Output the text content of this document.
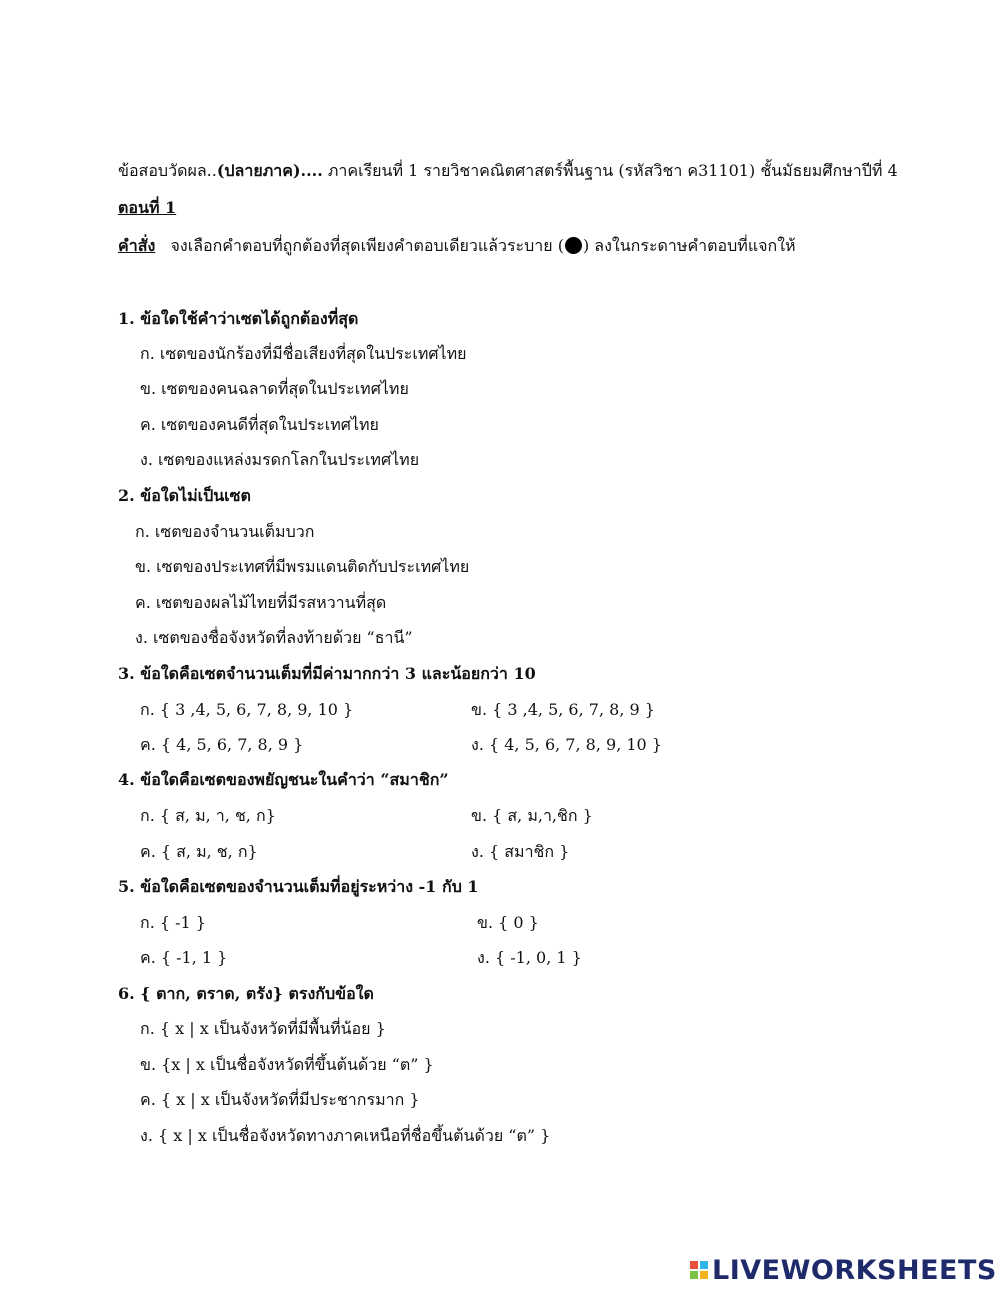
ข้อสอบวัดผล..(ปลายภาค).... ภาคเรียนที่ 1 รายวิชาคณิตศาสตร์พื้นฐาน (รหัสวิชา ค31101) ชั้นมัธยมศึกษาปีที่ 4
ตอนที่ 1
คำสั่ง จงเลือกคำตอบที่ถูกต้องที่สุดเพียงคำตอบเดียวแล้วระบาย ( ) ลงในกระดาษคำตอบที่แจกให้
1. ข้อใดใช้คำว่าเซตได้ถูกต้องที่สุด
ก. เซตของนักร้องที่มีชื่อเสียงที่สุดในประเทศไทย
ข. เซตของคนฉลาดที่สุดในประเทศไทย
ค. เซตของคนดีที่สุดในประเทศไทย
ง. เซตของแหล่งมรดกโลกในประเทศไทย
2. ข้อใดไม่เป็นเซต
ก. เซตของจำนวนเต็มบวก
ข. เซตของประเทศที่มีพรมแดนติดกับประเทศไทย
ค. เซตของผลไม้ไทยที่มีรสหวานที่สุด
ง. เซตของชื่อจังหวัดที่ลงท้ายด้วย “ธานี”
3. ข้อใดคือเซตจำนวนเต็มที่มีค่ามากกว่า 3 และน้อยกว่า 10
ก. { 3 ,4, 5, 6, 7, 8, 9, 10 }	ข. { 3 ,4, 5, 6, 7, 8, 9 }
ค. { 4, 5, 6, 7, 8, 9 }	ง. { 4, 5, 6, 7, 8, 9, 10 }
4. ข้อใดคือเซตของพยัญชนะในคำว่า “สมาชิก”
ก. { ส, ม, า, ช, ก}	ข. { ส, ม,า,ชิก }
ค. { ส, ม, ช, ก}	ง. { สมาชิก }
5. ข้อใดคือเซตของจำนวนเต็มที่อยู่ระหว่าง -1 กับ 1
ก. { -1 }	ข. { 0 }
ค. { -1, 1 }	ง. { -1, 0, 1 }
6. { ตาก, ตราด, ตรัง} ตรงกับข้อใด
ก. { x | x เป็นจังหวัดที่มีพื้นที่น้อย }
ข. {x | x เป็นชื่อจังหวัดที่ขึ้นต้นด้วย “ต” }
ค. { x | x เป็นจังหวัดที่มีประชากรมาก }
ง. { x | x เป็นชื่อจังหวัดทางภาคเหนือที่ชื่อขึ้นต้นด้วย “ต” }
LIVEWORKSHEETS
